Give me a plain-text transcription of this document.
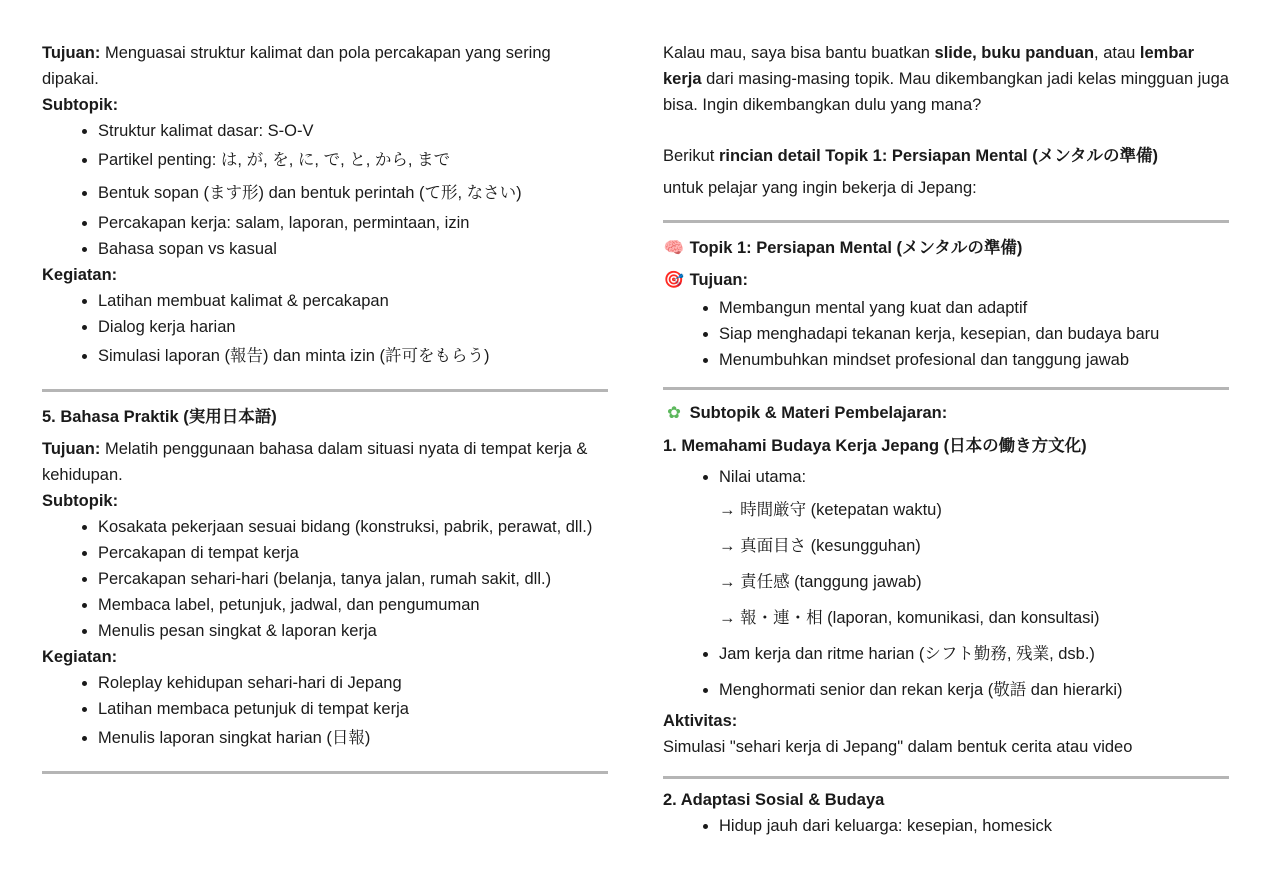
Tujuan: Menguasai struktur kalimat dan pola percakapan yang sering dipakai.

Subtopik:

• Struktur kalimat dasar: S-O-V
• Partikel penting: は, が, を, に, で, と, から, まで
• Bentuk sopan (ます形) dan bentuk perintah (て形, なさい)
• Percakapan kerja: salam, laporan, permintaan, izin
• Bahasa sopan vs kasual

Kegiatan:

• Latihan membuat kalimat & percakapan
• Dialog kerja harian
• Simulasi laporan (報告) dan minta izin (許可をもらう)

5. Bahasa Praktik (実用日本語)

Tujuan: Melatih penggunaan bahasa dalam situasi nyata di tempat kerja & kehidupan.

Subtopik:

• Kosakata pekerjaan sesuai bidang (konstruksi, pabrik, perawat, dll.)
• Percakapan di tempat kerja
• Percakapan sehari-hari (belanja, tanya jalan, rumah sakit, dll.)
• Membaca label, petunjuk, jadwal, dan pengumuman
• Menulis pesan singkat & laporan kerja

Kegiatan:

• Roleplay kehidupan sehari-hari di Jepang
• Latihan membaca petunjuk di tempat kerja
• Menulis laporan singkat harian (日報)

Kalau mau, saya bisa bantu buatkan slide, buku panduan, atau lembar kerja dari masing-masing topik. Mau dikembangkan jadi kelas mingguan juga bisa. Ingin dikembangkan dulu yang mana?

Berikut rincian detail Topik 1: Persiapan Mental (メンタルの準備)
untuk pelajar yang ingin bekerja di Jepang:

🧠 Topik 1: Persiapan Mental (メンタルの準備)

🎯 Tujuan:

• Membangun mental yang kuat dan adaptif
• Siap menghadapi tekanan kerja, kesepian, dan budaya baru
• Menumbuhkan mindset profesional dan tanggung jawab

✿ Subtopik & Materi Pembelajaran:

1. Memahami Budaya Kerja Jepang (日本の働き方文化)

• Nilai utama:
→ 時間厳守 (ketepatan waktu)
→ 真面目さ (kesungguhan)
→ 責任感 (tanggung jawab)
→ 報・連・相 (laporan, komunikasi, dan konsultasi)
• Jam kerja dan ritme harian (シフト勤務, 残業, dsb.)
• Menghormati senior dan rekan kerja (敬語 dan hierarki)

Aktivitas:

Simulasi "sehari kerja di Jepang" dalam bentuk cerita atau video

2. Adaptasi Sosial & Budaya

• Hidup jauh dari keluarga: kesepian, homesick
